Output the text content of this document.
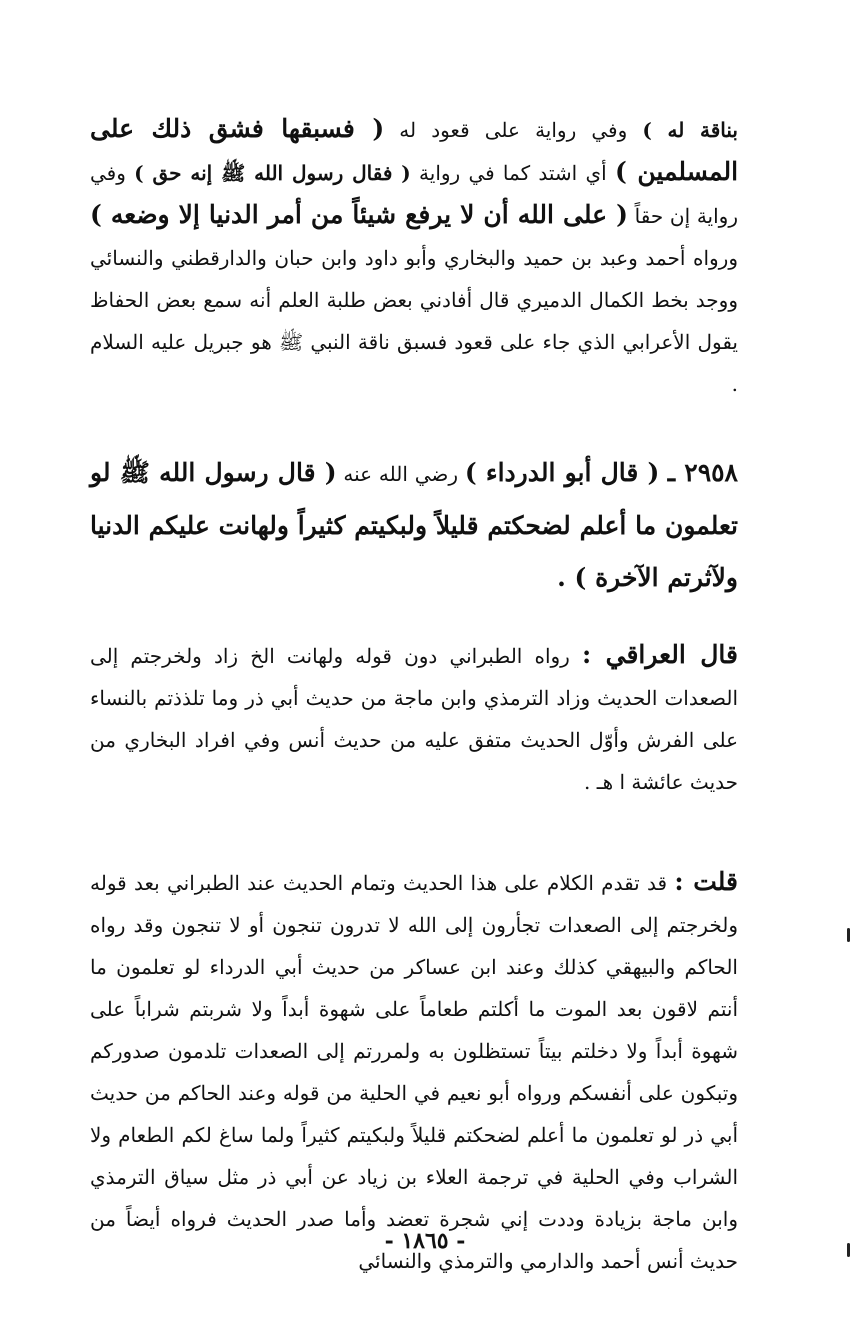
بناقة له ) وفي رواية على قعود له ( فسبقها فشق ذلك على المسلمين ) أي اشتد كما في رواية ( فقال رسول الله ﷺ إنه حق ) وفي رواية إن حقاً ( على الله أن لا يرفع شيئاً من أمر الدنيا إلا وضعه ) ورواه أحمد وعبد بن حميد والبخاري وأبو داود وابن حبان والدارقطني والنسائي ووجد بخط الكمال الدميري قال أفادني بعض طلبة العلم أنه سمع بعض الحفاظ يقول الأعرابي الذي جاء على قعود فسبق ناقة النبي ﷺ هو جبريل عليه السلام .

٢٩٥٨ ـ ( قال أبو الدرداء ) رضي الله عنه ( قال رسول الله ﷺ لو تعلمون ما أعلم لضحكتم قليلاً ولبكيتم كثيراً ولهانت عليكم الدنيا ولآثرتم الآخرة ) .

قال العراقي : رواه الطبراني دون قوله ولهانت الخ زاد ولخرجتم إلى الصعدات الحديث وزاد الترمذي وابن ماجة من حديث أبي ذر وما تلذذتم بالنساء على الفرش وأوّل الحديث متفق عليه من حديث أنس وفي افراد البخاري من حديث عائشة ا هـ .

قلت : قد تقدم الكلام على هذا الحديث وتمام الحديث عند الطبراني بعد قوله ولخرجتم إلى الصعدات تجأرون إلى الله لا تدرون تنجون أو لا تنجون وقد رواه الحاكم والبيهقي كذلك وعند ابن عساكر من حديث أبي الدرداء لو تعلمون ما أنتم لاقون بعد الموت ما أكلتم طعاماً على شهوة أبداً ولا شربتم شراباً على شهوة أبداً ولا دخلتم بيتاً تستظلون به ولمررتم إلى الصعدات تلدمون صدوركم وتبكون على أنفسكم ورواه أبو نعيم في الحلية من قوله وعند الحاكم من حديث أبي ذر لو تعلمون ما أعلم لضحكتم قليلاً ولبكيتم كثيراً ولما ساغ لكم الطعام ولا الشراب وفي الحلية في ترجمة العلاء بن زياد عن أبي ذر مثل سياق الترمذي وابن ماجة بزيادة وددت إني شجرة تعضد وأما صدر الحديث فرواه أيضاً من حديث أنس أحمد والدارمي والترمذي والنسائي

- ١٨٦٥ -
